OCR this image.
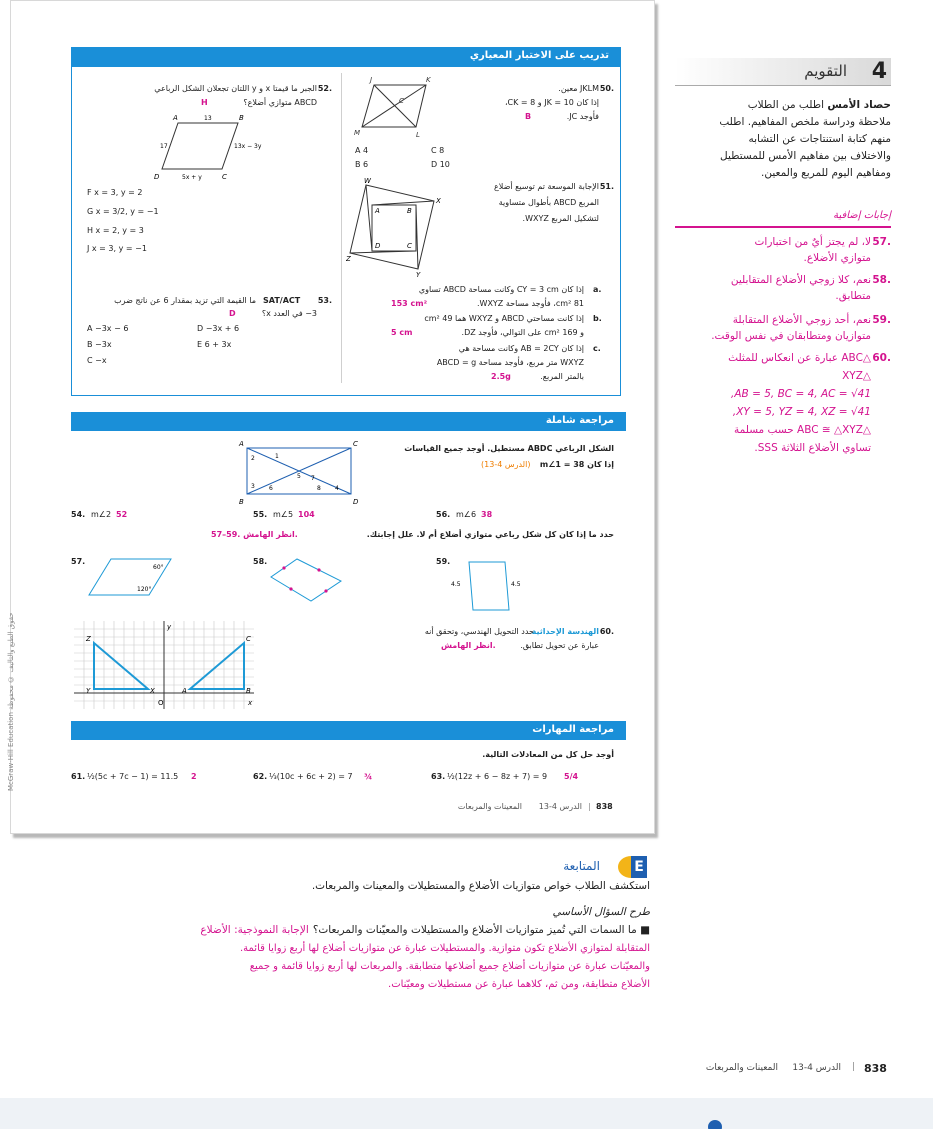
McGraw-Hill Education حقوق الطبع والتأليف © محفوظة
تدريب على الاختبار المعياري
.50
JKLM معين.
إذا كان JK = 10 و CK = 8،
فأوجد JC.
B
J	K
L
M
C
A 4
B 6
C 8
D 10
.51
الإجابة الموسعة تم توسيع أضلاع
المربع ABCD بأطوال متساوية
لتشكيل المربع WXYZ.
W
X
Y
Z
A	B
C
D
a.
إذا كان CY = 3 cm وكانت مساحة ABCD تساوي
cm² 81، فأوجد مساحة WXYZ.
153 cm²
b.
إذا كانت مساحتي ABCD و WXYZ هما 49 cm²
و 169 cm² على التوالي، فأوجد DZ.
5 cm
c.
إذا كان AB = 2CY وكانت مساحة هي
WXYZ متر مربع، فأوجد مساحة ABCD = g
بالمتر المربع.
2.5g
.52
الجبر ما قيمتا x و y اللتان تجعلان الشكل الرباعي
ABCD متوازي أضلاع؟
H
A	B
C
D
13
17	13x − 3y
5x + y
F x = 3, y = 2
G x = 3/2, y = −1
H x = 2, y = 3
J x = 3, y = −1
.53
SAT/ACT
ما القيمة التي تزيد بمقدار 6 عن ناتج ضرب
3− في العدد x؟
D
A −3x − 6
B −3x
C −x
D −3x + 6
E 6 + 3x
مراجعة شاملة
A	C
B	D
1
2
3	4
5
6
7
8
الشكل الرباعي ABDC مستطيل. أوجد جميع القياسات
إذا كان m∠1 = 38
(الدرس 4-13)
54. m∠2 52	55. m∠5 104	56. m∠6 38
حدد ما إذا كان كل شكل رباعي متوازي أضلاع أم لا. علل إجابتك.
57–59. انظر الهامش.
57.
60°
120°
58.	59.
4.5	4.5
Z
Y	X	A	B
C
O	x
y	.60
الهندسة الإحداثية
حدد التحويل الهندسي، وتحقق أنه
عبارة عن تحويل تطابق.
انظر الهامش.
مراجعة المهارات
أوجد حل كل من المعادلات التالية.
61. ½(5c + 7c − 1) = 11.5 2	62. ⅓(10c + 6c + 2) = 7 ¾	63. ½(12z + 6 − 8z + 7) = 9 5/4
838
|
الدرس 4-13
المعينات والمربعات
4
التقويم
حصاد الأمس اطلب من الطلاب
ملاحظة ودراسة ملخص المفاهيم. اطلب
منهم كتابة استنتاجات عن التشابه
والاختلاف بين مفاهيم الأمس للمستطيل
ومفاهيم اليوم للمربع والمعين.
إجابات إضافية
.57
لا، لم يجتز أيٌ من اختبارات
متوازي الأضلاع.
.58
نعم، كلا زوجي الأضلاع المتقابلين
متطابق.
.59
نعم، أحد زوجي الأضلاع المتقابلة
متوازيان ومتطابقان في نفس الوقت.
.60
△ABC عبارة عن انعكاس للمثلث
△XYZ
AB = 5, BC = 4, AC = √41,
XY = 5, YZ = 4, XZ = √41,
△ABC ≅ △XYZ حسب مسلمة
تساوي الأضلاع الثلاثة SSS.
E
المتابعة
استكشف الطلاب خواص متوازيات الأضلاع والمستطيلات والمعينات والمربعات.
طرح السؤال الأساسي
■ ما السمات التي تُميز متوازيات الأضلاع والمستطيلات والمعيّنات والمربعات؟الإجابة النموذجية: الأضلاع
المتقابلة لمتوازي الأضلاع تكون متوازية. والمستطيلات عبارة عن متوازيات أضلاع لها أربع زوايا قائمة.
والمعيّنات عبارة عن متوازيات أضلاع جميع أضلاعها متطابقة. والمربعات لها أربع زوايا قائمة و جميع
الأضلاع متطابقة، ومن ثم، كلاهما عبارة عن مستطيلات ومعيّنات.
838
|
الدرس 4-13
المعينات والمربعات
